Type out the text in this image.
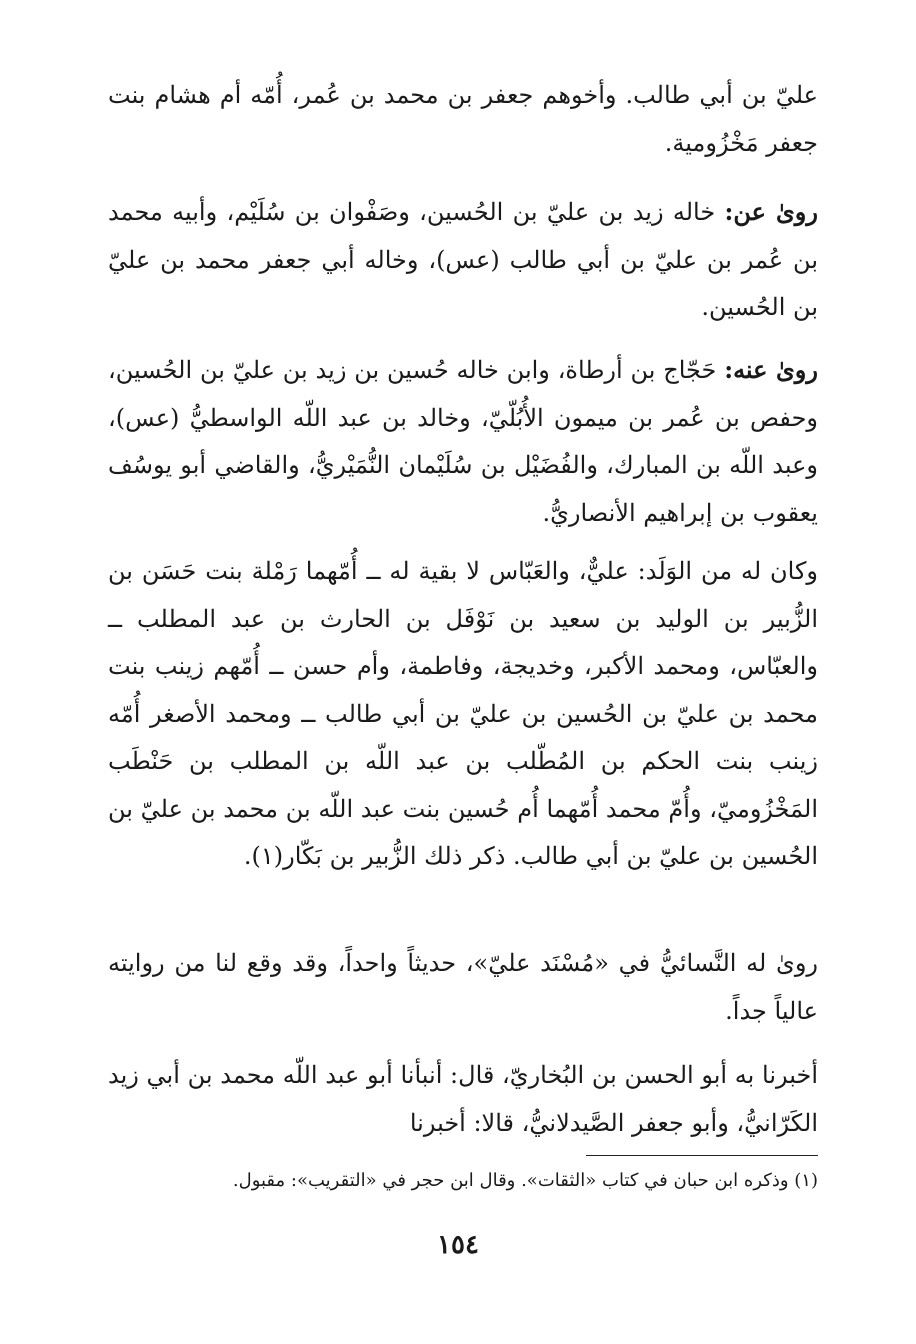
عليّ بن أبي طالب. وأخوهم جعفر بن محمد بن عُمر، أُمّه أم هشام بنت جعفر مَخْزُومية.

روىٰ عن: خاله زيد بن عليّ بن الحُسين، وصَفْوان بن سُلَيْم، وأبيه محمد بن عُمر بن عليّ بن أبي طالب (عس)، وخاله أبي جعفر محمد بن عليّ بن الحُسين.

روىٰ عنه: حَجّاج بن أرطاة، وابن خاله حُسين بن زيد بن عليّ بن الحُسين، وحفص بن عُمر بن ميمون الأُبُلّيّ، وخالد بن عبد اللّه الواسطيُّ (عس)، وعبد اللّه بن المبارك، والفُضَيْل بن سُلَيْمان النُّمَيْريُّ، والقاضي أبو يوسُف يعقوب بن إبراهيم الأنصاريُّ.

وكان له من الوَلَد: عليٌّ، والعَبّاس لا بقية له ــ أُمّهما رَمْلة بنت حَسَن بن الزُّبير بن الوليد بن سعيد بن نَوْفَل بن الحارث بن عبد المطلب ــ والعبّاس، ومحمد الأكبر، وخديجة، وفاطمة، وأم حسن ــ أُمّهم زينب بنت محمد بن عليّ بن الحُسين بن عليّ بن أبي طالب ــ ومحمد الأصغر أُمّه زينب بنت الحكم بن المُطّلب بن عبد اللّه بن المطلب بن حَنْطَب المَخْزُوميّ، وأُمّ محمد أُمّهما أُم حُسين بنت عبد اللّه بن محمد بن عليّ بن الحُسين بن عليّ بن أبي طالب. ذكر ذلك الزُّبير بن بَكّار(١).

روىٰ له النَّسائيُّ في «مُسْنَد عليّ»، حديثاً واحداً، وقد وقع لنا من روايته عالياً جداً.

أخبرنا به أبو الحسن بن البُخاريّ، قال: أنبأنا أبو عبد اللّه محمد بن أبي زيد الكَرّانيُّ، وأبو جعفر الصَّيدلانيُّ، قالا: أخبرنا

(١) وذكره ابن حبان في كتاب «الثقات». وقال ابن حجر في «التقريب»: مقبول.

١٥٤
